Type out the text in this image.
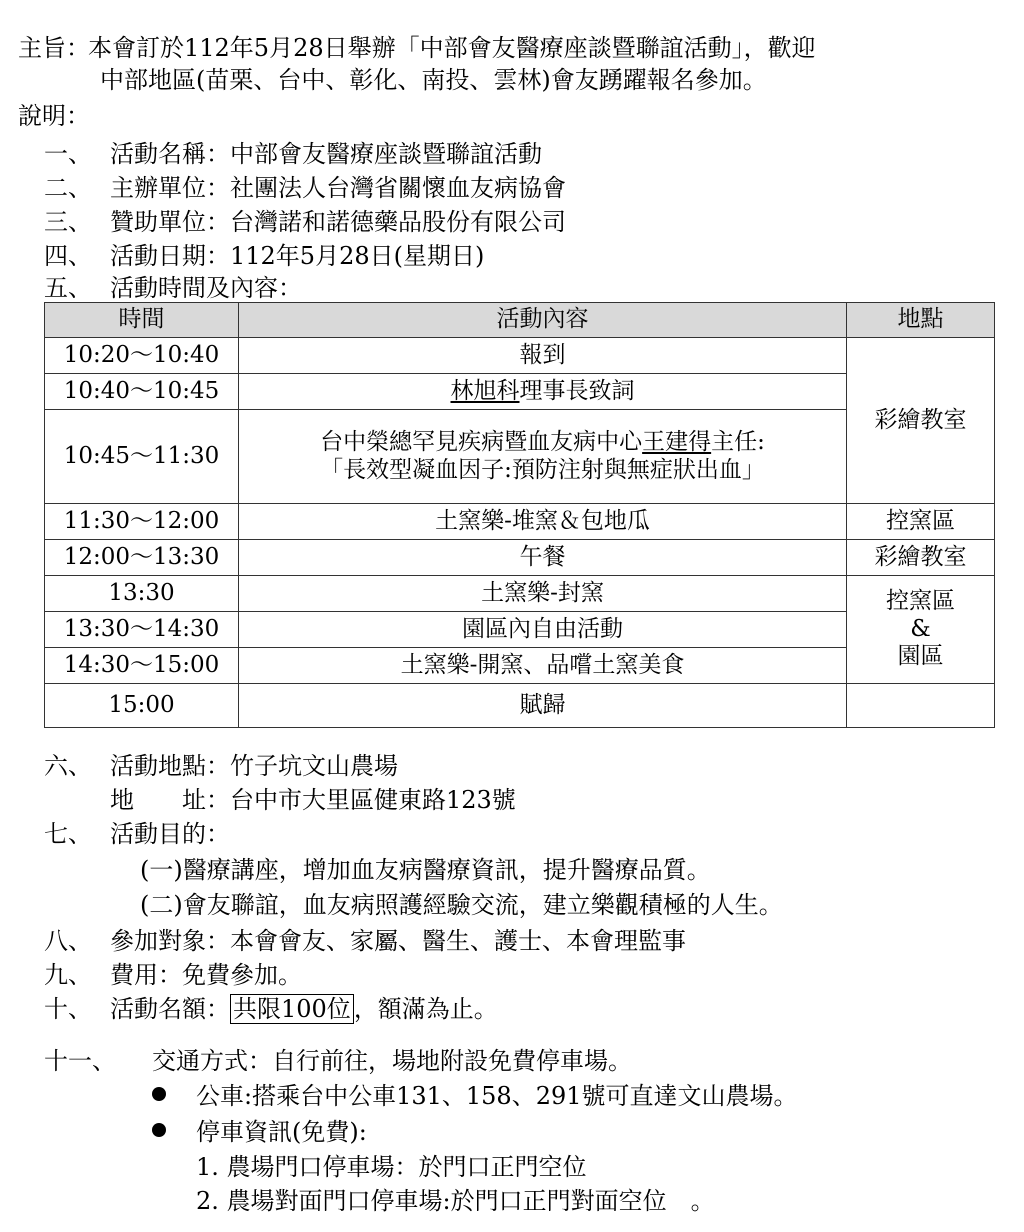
主旨：
本會訂於112年5月28日舉辦「中部會友醫療座談暨聯誼活動」，歡迎
中部地區(苗栗、台中、彰化、南投、雲林)會友踴躍報名參加。
說明：
一、 活動名稱：中部會友醫療座談暨聯誼活動
二、 主辦單位：社團法人台灣省關懷血友病協會
三、 贊助單位：台灣諾和諾德藥品股份有限公司
四、 活動日期：112年5月28日(星期日)
五、 活動時間及內容：
時間	活動內容	地點
10:20～10:40	報到	彩繪教室
10:40～10:45	林旭科理事長致詞	
10:45～11:30	台中榮總罕見疾病暨血友病中心王建得主任:
「長效型凝血因子:預防注射與無症狀出血」	

11:30～12:00	土窯樂-堆窯＆包地瓜	控窯區
12:00～13:30	午餐	彩繪教室
13:30	土窯樂-封窯	控窯區
&
園區

13:30～14:30	園區內自由活動	
14:30～15:00	土窯樂-開窯、品嚐土窯美食	
15:00	賦歸	
六、 活動地點：竹子坑文山農場
地　　址：台中市大里區健東路123號
七、 活動目的：
(一)醫療講座，增加血友病醫療資訊，提升醫療品質。
(二)會友聯誼，血友病照護經驗交流，建立樂觀積極的人生。
八、 參加對象：本會會友、家屬、醫生、護士、本會理監事
九、 費用：免費參加。
十、 活動名額： 共限100位 ，額滿為止。
十一、 交通方式：自行前往，場地附設免費停車場。
公車:搭乘台中公車131、158、291號可直達文山農場。
停車資訊(免費):
1. 農場門口停車場：於門口正門空位
2. 農場對面門口停車場:於門口正門對面空位　。
